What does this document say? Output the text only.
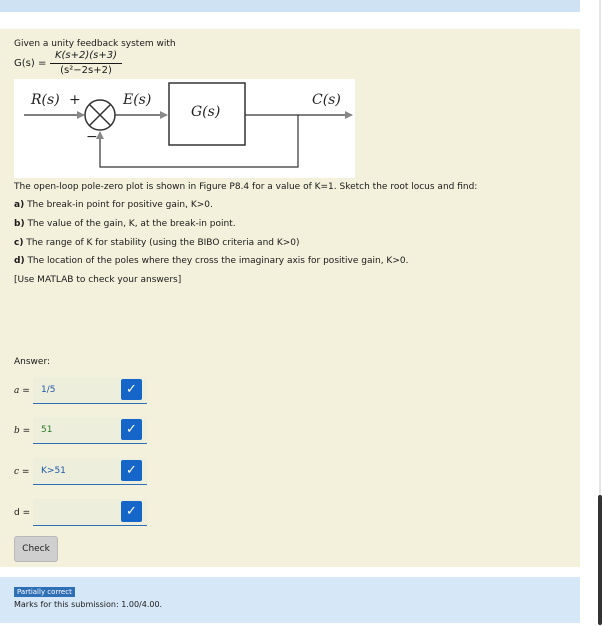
Given a unity feedback system with
G(s) =
K(s+2)(s+3)
(s²−2s+2)
R(s) +
−
E(s)
G(s)
C(s)
The open-loop pole-zero plot is shown in Figure P8.4 for a value of K=1. Sketch the root locus and find:
a) The break-in point for positive gain, K>0.
b) The value of the gain, K, at the break-in point.
c) The range of K for stability (using the BIBO criteria and K>0)
d) The location of the poles where they cross the imaginary axis for positive gain, K>0.
[Use MATLAB to check your answers]
Answer:
a = 1/5	✓
b = 51	✓
c = K>51	✓
d =	✓
Check
Partially correct
Marks for this submission: 1.00/4.00.
